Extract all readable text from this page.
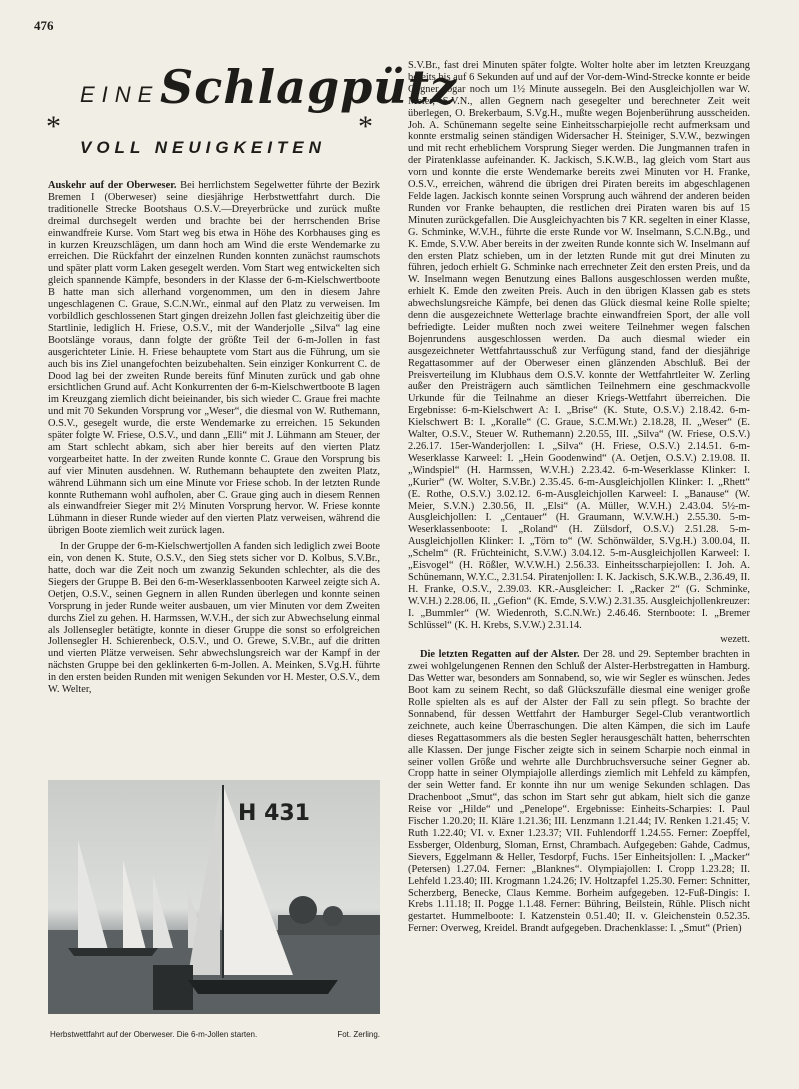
476
EINE Schlagpütz
*	*
VOLL NEUIGKEITEN

Auskehr auf der Oberweser. Bei herrlichstem Segelwetter führte der Bezirk Bremen I (Oberweser) seine diesjährige Herbstwettfahrt durch. Die traditionelle Strecke Bootshaus O.S.V.—Dreyerbrücke und zurück mußte dreimal durchsegelt werden und brachte bei der herrschenden Brise einwandfreie Kurse. Vom Start weg bis etwa in Höhe des Korbhauses ging es in kurzen Kreuzschlägen, um dann hoch am Wind die erste Wendemarke zu erreichen. Die Rückfahrt der einzelnen Runden konnten zunächst raumschots und später platt vorm Laken gesegelt werden. Vom Start weg entwickelten sich gleich spannende Kämpfe, besonders in der Klasse der 6-m-Kielschwertboote B hatte man sich allerhand vorgenommen, um den in diesem Jahre ungeschlagenen C. Graue, S.C.N.Wr., einmal auf den Platz zu verweisen. Im vorbildlich geschlossenen Start gingen dreizehn Jollen fast gleichzeitig über die Startlinie, lediglich H. Friese, O.S.V., mit der Wanderjolle „Silva“ lag eine Bootslänge voraus, dann folgte der größte Teil der 6-m-Jollen in fast ausgerichteter Linie. H. Friese behauptete vom Start aus die Führung, um sie auch bis ins Ziel unangefochten beizubehalten. Sein einziger Konkurrent C. de Dood lag bei der zweiten Runde bereits fünf Minuten zurück und gab ohne ersichtlichen Grund auf. Acht Konkurrenten der 6-m-Kielschwertboote B lagen im Kreuzgang ziemlich dicht beieinander, bis sich wieder C. Graue frei machte und mit 70 Sekunden Vorsprung vor „Weser“, die diesmal von W. Ruthemann, O.S.V., gesegelt wurde, die erste Wendemarke zu erreichen. 15 Sekunden später folgte W. Friese, O.S.V., und dann „Elli“ mit J. Lühmann am Steuer, der am Start schlecht abkam, sich aber hier bereits auf den vierten Platz vorgearbeitet hatte. In der zweiten Runde konnte C. Graue den Vorsprung bis auf vier Minuten ausdehnen. W. Ruthemann behauptete den zweiten Platz, während Lühmann sich um eine Minute vor Friese schob. In der letzten Runde konnte Ruthemann wohl aufholen, aber C. Graue ging auch in diesem Rennen als einwandfreier Sieger mit 2½ Minuten Vorsprung hervor. W. Friese konnte Lühmann in dieser Runde wieder auf den vierten Platz verweisen, während die übrigen Boote ziemlich weit zurück lagen.

In der Gruppe der 6-m-Kielschwertjollen A fanden sich lediglich zwei Boote ein, von denen K. Stute, O.S.V., den Sieg stets sicher vor D. Kolbus, S.V.Br., hatte, doch war die Zeit noch um zwanzig Sekunden schlechter, als die des Siegers der Gruppe B. Bei den 6-m-Weserklassenbooten Karweel zeigte sich A. Oetjen, O.S.V., seinen Gegnern in allen Runden überlegen und konnte seinen Vorsprung in jeder Runde weiter ausbauen, um vier Minuten vor dem Zweiten durchs Ziel zu gehen. H. Harmssen, W.V.H., der sich zur Abwechselung einmal als Jollensegler betätigte, konnte in dieser Gruppe die sonst so erfolgreichen Jollensegler H. Schierenbeck, O.S.V., und O. Grewe, S.V.Br., auf die dritten und vierten Plätze verweisen. Sehr abwechslungsreich war der Kampf in der nächsten Gruppe bei den geklinkerten 6-m-Jollen. A. Meinken, S.Vg.H. führte in den ersten beiden Runden mit wenigen Sekunden vor H. Mester, O.S.V., dem W. Welter,

H 431
Herbstwettfahrt auf der Oberweser. Die 6-m-Jollen starten.	Fot. Zerling.

S.V.Br., fast drei Minuten später folgte. Wolter holte aber im letzten Kreuzgang bereits bis auf 6 Sekunden auf und auf der Vor-dem-Wind-Strecke konnte er beide Gegner sogar noch um 1½ Minute aussegeln. Bei den Ausgleichjollen war W. Meier, S.V.N., allen Gegnern nach gesegelter und berechneter Zeit weit überlegen, O. Brekerbaum, S.Vg.H., mußte wegen Bojenberührung ausscheiden. Joh. A. Schünemann segelte seine Einheitsscharpiejolle recht aufmerksam und konnte erstmalig seinen ständigen Widersacher H. Steiniger, S.V.W., bezwingen und mit recht erheblichem Vorsprung Sieger werden. Die Jungmannen trafen in der Piratenklasse aufeinander. K. Jackisch, S.K.W.B., lag gleich vom Start aus vorn und konnte die erste Wendemarke bereits zwei Minuten vor H. Franke, O.S.V., erreichen, während die übrigen drei Piraten bereits im abgeschlagenen Felde lagen. Jackisch konnte seinen Vorsprung auch während der anderen beiden Runden vor Franke behaupten, die restlichen drei Piraten waren bis auf 15 Minuten zurückgefallen. Die Ausgleichyachten bis 7 KR. segelten in einer Klasse, G. Schminke, W.V.H., führte die erste Runde vor W. Inselmann, S.C.N.Bg., und K. Emde, S.V.W. Aber bereits in der zweiten Runde konnte sich W. Inselmann auf den ersten Platz schieben, um in der letzten Runde mit gut drei Minuten zu führen, jedoch erhielt G. Schminke nach errechneter Zeit den ersten Preis, und da W. Inselmann wegen Benutzung eines Ballons ausgeschlossen werden mußte, erhielt K. Emde den zweiten Preis. Auch in den übrigen Klassen gab es stets abwechslungsreiche Kämpfe, bei denen das Glück diesmal keine Rolle spielte; denn die ausgezeichnete Wetterlage brachte einwandfreien Sport, der alle voll befriedigte. Leider mußten noch zwei weitere Teilnehmer wegen falschen Bojenrundens ausgeschlossen werden. Da auch diesmal wieder ein ausgezeichneter Wettfahrtausschuß zur Verfügung stand, fand der diesjährige Regattasommer auf der Oberweser einen glänzenden Abschluß. Bei der Preisverteilung im Klubhaus dem O.S.V. konnte der Wettfahrtleiter W. Zerling außer den Preisträgern auch sämtlichen Teilnehmern eine geschmackvolle Urkunde für die Teilnahme an dieser Kriegs-Wettfahrt überreichen. Die Ergebnisse: 6-m-Kielschwert A: I. „Brise“ (K. Stute, O.S.V.) 2.18.42. 6-m-Kielschwert B: I. „Koralle“ (C. Graue, S.C.M.Wr.) 2.18.28, II. „Weser“ (E. Walter, O.S.V., Steuer W. Ruthemann) 2.20.55, III. „Silva“ (W. Friese, O.S.V.) 2.26.17. 15er-Wanderjollen: I. „Silva“ (H. Friese, O.S.V.) 2.14.51. 6-m-Weserklasse Karweel: I. „Hein Goodenwind“ (A. Oetjen, O.S.V.) 2.19.08. II. „Windspiel“ (H. Harmssen, W.V.H.) 2.23.42. 6-m-Weserklasse Klinker: I. „Kurier“ (W. Wolter, S.V.Br.) 2.35.45. 6-m-Ausgleichjollen Klinker: I. „Rhett“ (E. Rothe, O.S.V.) 3.02.12. 6-m-Ausgleichjollen Karweel: I. „Banause“ (W. Meier, S.V.N.) 2.30.56, II. „Elsi“ (A. Müller, W.V.H.) 2.43.04. 5½-m-Ausgleichjollen: I. „Centauer“ (H. Graumann, W.V.W.H.) 2.55.30. 5-m-Weserklassenboote: I. „Roland“ (H. Zülsdorf, O.S.V.) 2.51.28. 5-m-Ausgleichjollen Klinker: I. „Törn to“ (W. Schönwälder, S.Vg.H.) 3.00.04, II. „Schelm“ (R. Früchteinicht, S.V.W.) 3.04.12. 5-m-Ausgleichjollen Karweel: I. „Eisvogel“ (H. Rößler, W.V.W.H.) 2.56.33. Einheitsscharpiejollen: I. Joh. A. Schünemann, W.Y.C., 2.31.54. Piratenjollen: I. K. Jackisch, S.K.W.B., 2.36.49, II. H. Franke, O.S.V., 2.39.03. KR.-Ausgleicher: I. „Racker 2“ (G. Schminke, W.V.H.) 2.28.06, II. „Gefion“ (K. Emde, S.V.W.) 2.31.35. Ausgleichjollenkreuzer: I. „Bummler“ (W. Wiedenroth, S.C.N.Wr.) 2.46.46. Sternboote: I. „Bremer Schlüssel“ (K. H. Krebs, S.V.W.) 2.31.14.

wezett.

Die letzten Regatten auf der Alster. Der 28. und 29. September brachten in zwei wohlgelungenen Rennen den Schluß der Alster-Herbstregatten in Hamburg. Das Wetter war, besonders am Sonnabend, so, wie wir Segler es wünschen. Jedes Boot kam zu seinem Recht, so daß Glückszufälle diesmal eine weniger große Rolle spielten als es auf der Alster der Fall zu sein pflegt. So brachte der Sonnabend, für dessen Wettfahrt der Hamburger Segel-Club verantwortlich zeichnete, auch keine Überraschungen. Die alten Kämpen, die sich im Laufe dieses Regattasommers als die besten Segler herausgeschält hatten, beherrschten alle Klassen. Der junge Fischer zeigte sich in seinem Scharpie noch einmal in seiner vollen Größe und wehrte alle Durchbruchsversuche seiner Gegner ab. Cropp hatte in seiner Olympiajolle allerdings ziemlich mit Lehfeld zu kämpfen, der sein Wetter fand. Er konnte ihn nur um wenige Sekunden schlagen. Das Drachenboot „Smut“, das schon im Start sehr gut abkam, hielt sich die ganze Reise vor „Hilde“ und „Penelope“. Ergebnisse: Einheits-Scharpies: I. Paul Fischer 1.20.20; II. Kläre 1.21.36; III. Lenzmann 1.21.44; IV. Renken 1.21.45; V. Ruth 1.22.40; VI. v. Exner 1.23.37; VII. Fuhlendorff 1.24.55. Ferner: Zoepffel, Essberger, Oldenburg, Sloman, Ernst, Chrambach. Aufgegeben: Gahde, Cadmus, Sievers, Eggelmann & Heller, Tesdorpf, Fuchs. 15er Einheitsjollen: I. „Macker“ (Petersen) 1.27.04. Ferner: „Blanknes“. Olympiajollen: I. Cropp 1.23.28; II. Lehfeld 1.23.40; III. Krogmann 1.24.26; IV. Holtzapfel 1.25.30. Ferner: Schnitter, Scherzberg, Benecke, Claus Kemme. Borheim aufgegeben. 12-Fuß-Dingis: I. Krebs 1.11.18; II. Pogge 1.1.48. Ferner: Bühring, Beilstein, Rühle. Plisch nicht gestartet. Hummelboote: I. Katzenstein 0.51.40; II. v. Gleichenstein 0.52.35. Ferner: Overweg, Kreidel. Brandt aufgegeben. Drachenklasse: I. „Smut“ (Prien)
